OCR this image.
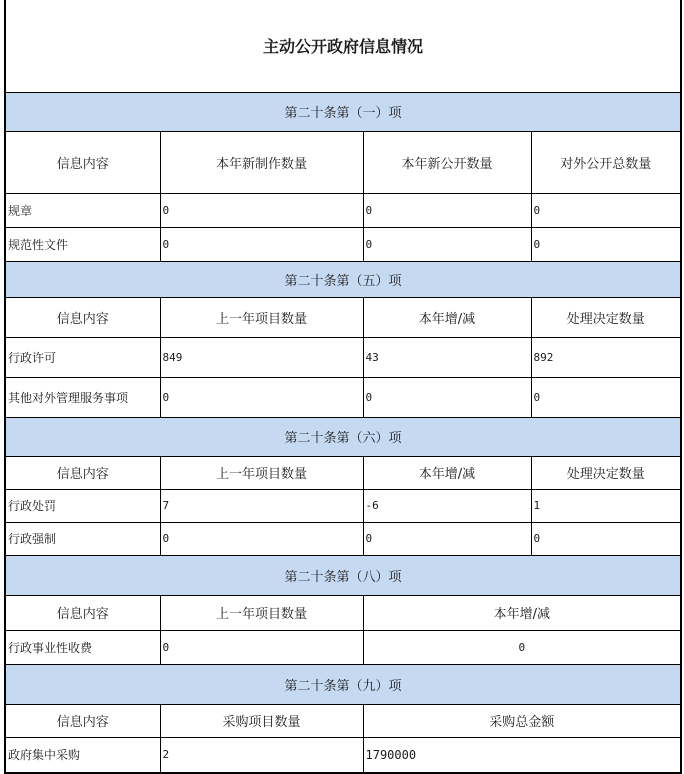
主动公开政府信息情况			
第二十条第（一）项			
信息内容	本年新制作数量	本年新公开数量	对外公开总数量
规章	0	0	0
规范性文件	0	0	0
第二十条第（五）项			
信息内容	上一年项目数量	本年增/减	处理决定数量
行政许可	849	43	892
其他对外管理服务事项	0	0	0
第二十条第（六）项			
信息内容	上一年项目数量	本年增/减	处理决定数量
行政处罚	7	-6	1
行政强制	0	0	0
第二十条第（八）项			
信息内容	上一年项目数量	本年增/减	
行政事业性收费	0	0	
第二十条第（九）项			
信息内容	采购项目数量	采购总金额	
政府集中采购	2	1790000	
